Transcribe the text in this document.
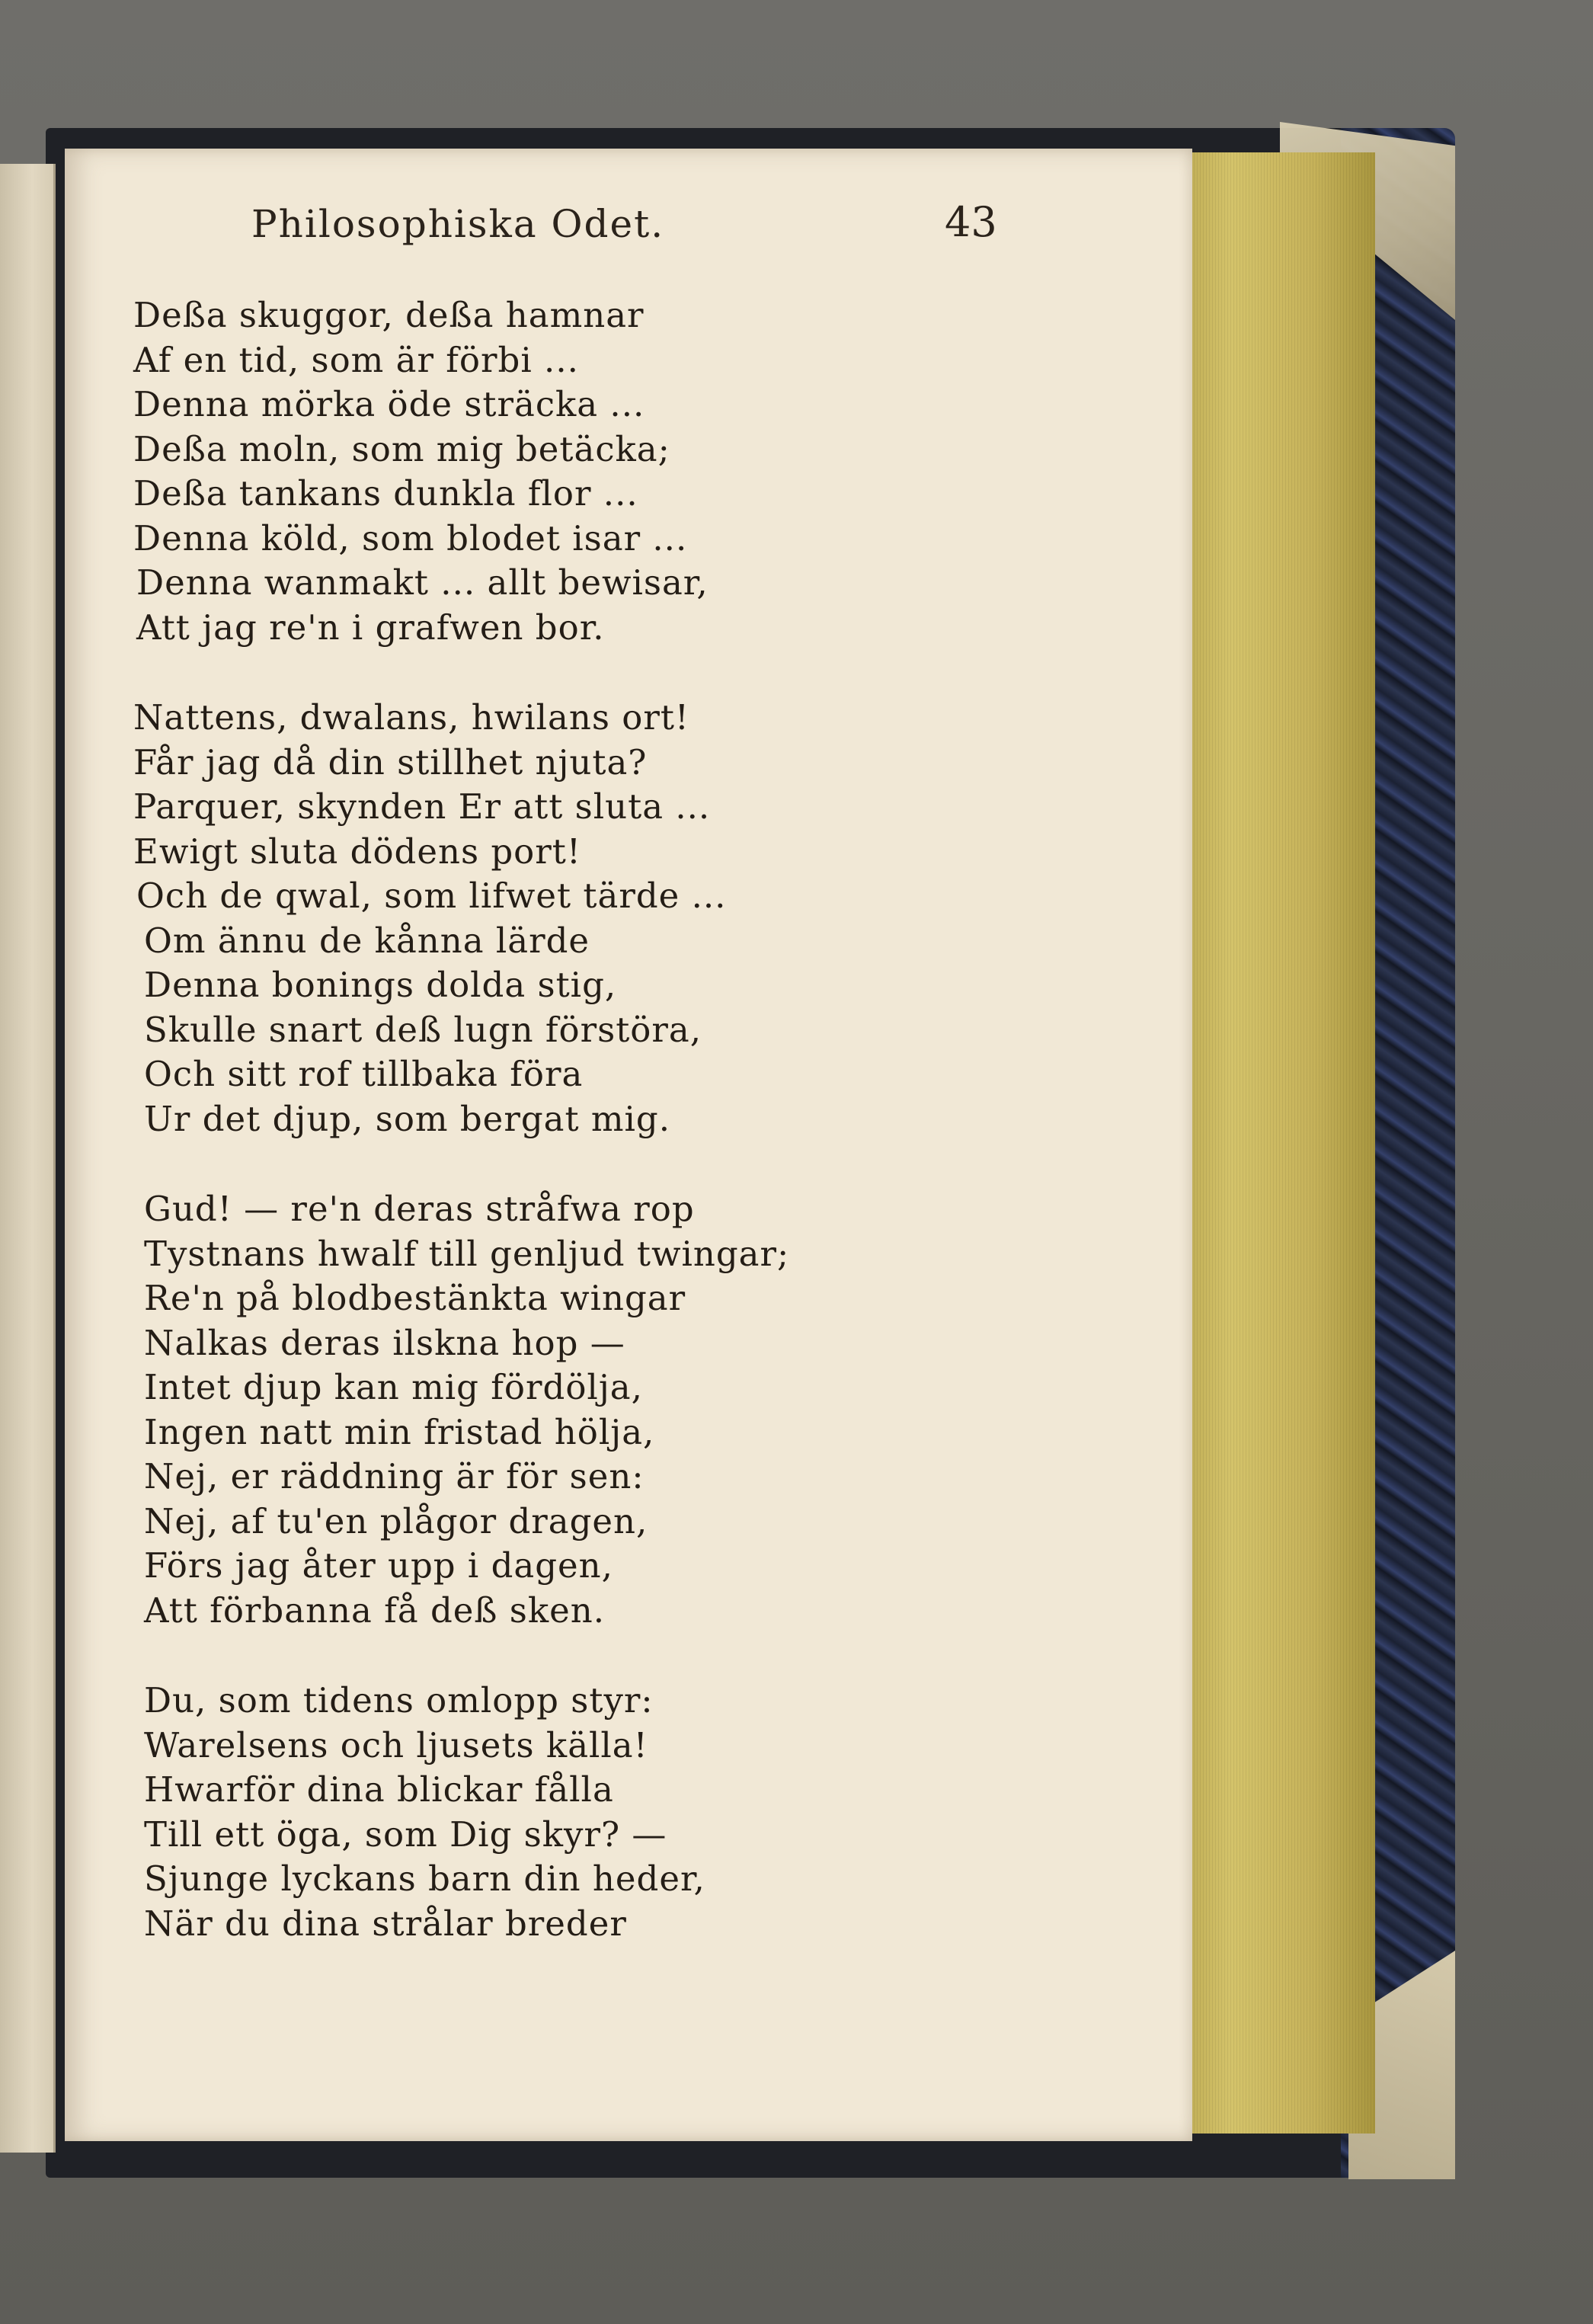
Philosophiska Odet.	43
Deßa skuggor, deßa hamnar
Af en tid, som är förbi ...
Denna mörka öde sträcka ...
Deßa moln, som mig betäcka;
Deßa tankans dunkla flor ...
Denna köld, som blodet isar ...
Denna wanmakt ... allt bewisar,
Att jag re'n i grafwen bor.
Nattens, dwalans, hwilans ort!
Får jag då din stillhet njuta?
Parquer, skynden Er att sluta ...
Ewigt sluta dödens port!
Och de qwal, som lifwet tärde ...
Om ännu de kånna lärde
Denna bonings dolda stig,
Skulle snart deß lugn förstöra,
Och sitt rof tillbaka föra
Ur det djup, som bergat mig.
Gud! — re'n deras stråfwa rop
Tystnans hwalf till genljud twingar;
Re'n på blodbestänkta wingar
Nalkas deras ilskna hop —
Intet djup kan mig fördölja,
Ingen natt min fristad hölja,
Nej, er räddning är för sen:
Nej, af tu'en plågor dragen,
Förs jag åter upp i dagen,
Att förbanna få deß sken.
Du, som tidens omlopp styr:
Warelsens och ljusets källa!
Hwarför dina blickar fålla
Till ett öga, som Dig skyr? —
Sjunge lyckans barn din heder,
När du dina strålar breder
